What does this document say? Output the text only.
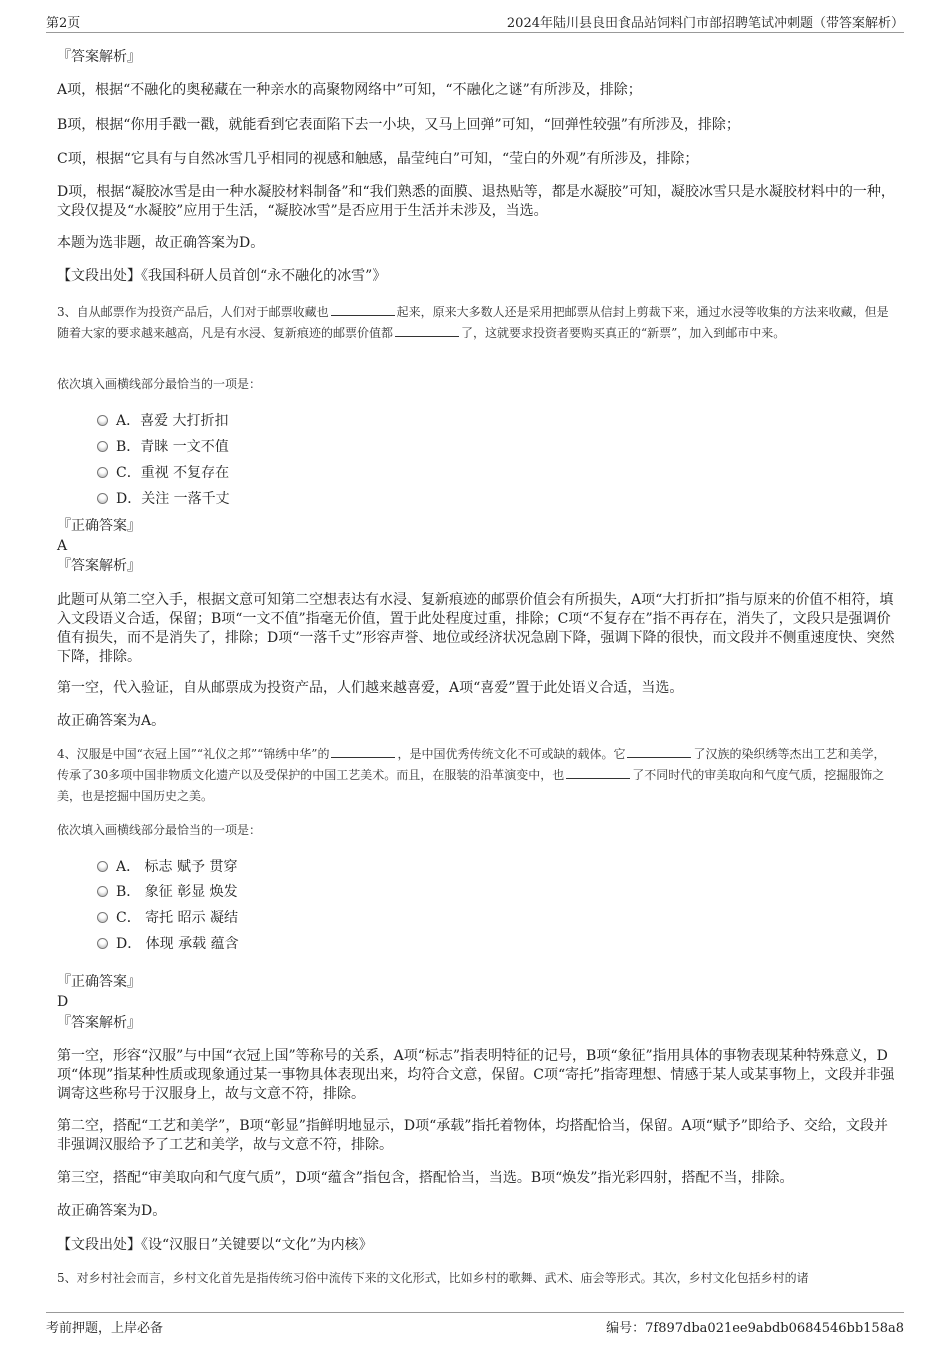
第2页	2024年陆川县良田食品站饲料门市部招聘笔试冲刺题（带答案解析）
『答案解析』
A项，根据“不融化的奥秘藏在一种亲水的高聚物网络中”可知，“不融化之谜”有所涉及，排除；
B项，根据“你用手戳一戳，就能看到它表面陷下去一小块，又马上回弹”可知，“回弹性较强”有所涉及，排除；
C项，根据“它具有与自然冰雪几乎相同的视感和触感，晶莹纯白”可知，“莹白的外观”有所涉及，排除；
D项，根据“凝胶冰雪是由一种水凝胶材料制备”和“我们熟悉的面膜、退热贴等，都是水凝胶”可知，凝胶冰雪只是水凝胶材料中的一种，文段仅提及“水凝胶”应用于生活，“凝胶冰雪”是否应用于生活并未涉及，当选。
本题为选非题，故正确答案为D。
【文段出处】《我国科研人员首创“永不融化的冰雪”》
3、自从邮票作为投资产品后，人们对于邮票收藏也	起来，原来大多数人还是采用把邮票从信封上剪裁下来，通过水浸等收集的方法来收藏，但是随着大家的要求越来越高，凡是有水浸、复新痕迹的邮票价值都	了，这就要求投资者要购买真正的“新票”，加入到邮市中来。
依次填入画横线部分最恰当的一项是：
A．喜爱 大打折扣
B．青睐 一文不值
C．重视 不复存在
D．关注 一落千丈
『正确答案』
A
『答案解析』
此题可从第二空入手，根据文意可知第二空想表达有水浸、复新痕迹的邮票价值会有所损失，A项“大打折扣”指与原来的价值不相符，填入文段语义合适，保留；B项“一文不值”指毫无价值，置于此处程度过重，排除；C项“不复存在”指不再存在，消失了，文段只是强调价值有损失，而不是消失了，排除；D项“一落千丈”形容声誉、地位或经济状况急剧下降，强调下降的很快，而文段并不侧重速度快、突然下降，排除。
第一空，代入验证，自从邮票成为投资产品，人们越来越喜爱，A项“喜爱”置于此处语义合适，当选。
故正确答案为A。
4、汉服是中国“衣冠上国”“礼仪之邦”“锦绣中华”的	，是中国优秀传统文化不可或缺的载体。它	了汉族的染织绣等杰出工艺和美学，传承了30多项中国非物质文化遗产以及受保护的中国工艺美术。而且，在服装的沿革演变中，也	了不同时代的审美取向和气度气质，挖掘服饰之美，也是挖掘中国历史之美。
依次填入画横线部分最恰当的一项是：
A． 标志 赋予 贯穿
B． 象征 彰显 焕发
C． 寄托 昭示 凝结
D． 体现 承载 蕴含
『正确答案』
D
『答案解析』
第一空，形容“汉服”与中国“衣冠上国”等称号的关系，A项“标志”指表明特征的记号，B项“象征”指用具体的事物表现某种特殊意义，D项“体现”指某种性质或现象通过某一事物具体表现出来，均符合文意，保留。C项“寄托”指寄理想、情感于某人或某事物上，文段并非强调寄这些称号于汉服身上，故与文意不符，排除。
第二空，搭配“工艺和美学”，B项“彰显”指鲜明地显示，D项“承载”指托着物体，均搭配恰当，保留。A项“赋予”即给予、交给，文段并非强调汉服给予了工艺和美学，故与文意不符，排除。
第三空，搭配“审美取向和气度气质”，D项“蕴含”指包含，搭配恰当，当选。B项“焕发”指光彩四射，搭配不当，排除。
故正确答案为D。
【文段出处】《设“汉服日”关键要以“文化”为内核》
5、对乡村社会而言，乡村文化首先是指传统习俗中流传下来的文化形式，比如乡村的歌舞、武术、庙会等形式。其次，乡村文化包括乡村的诸
考前押题，上岸必备	编号：7f897dba021ee9abdb0684546bb158a8
